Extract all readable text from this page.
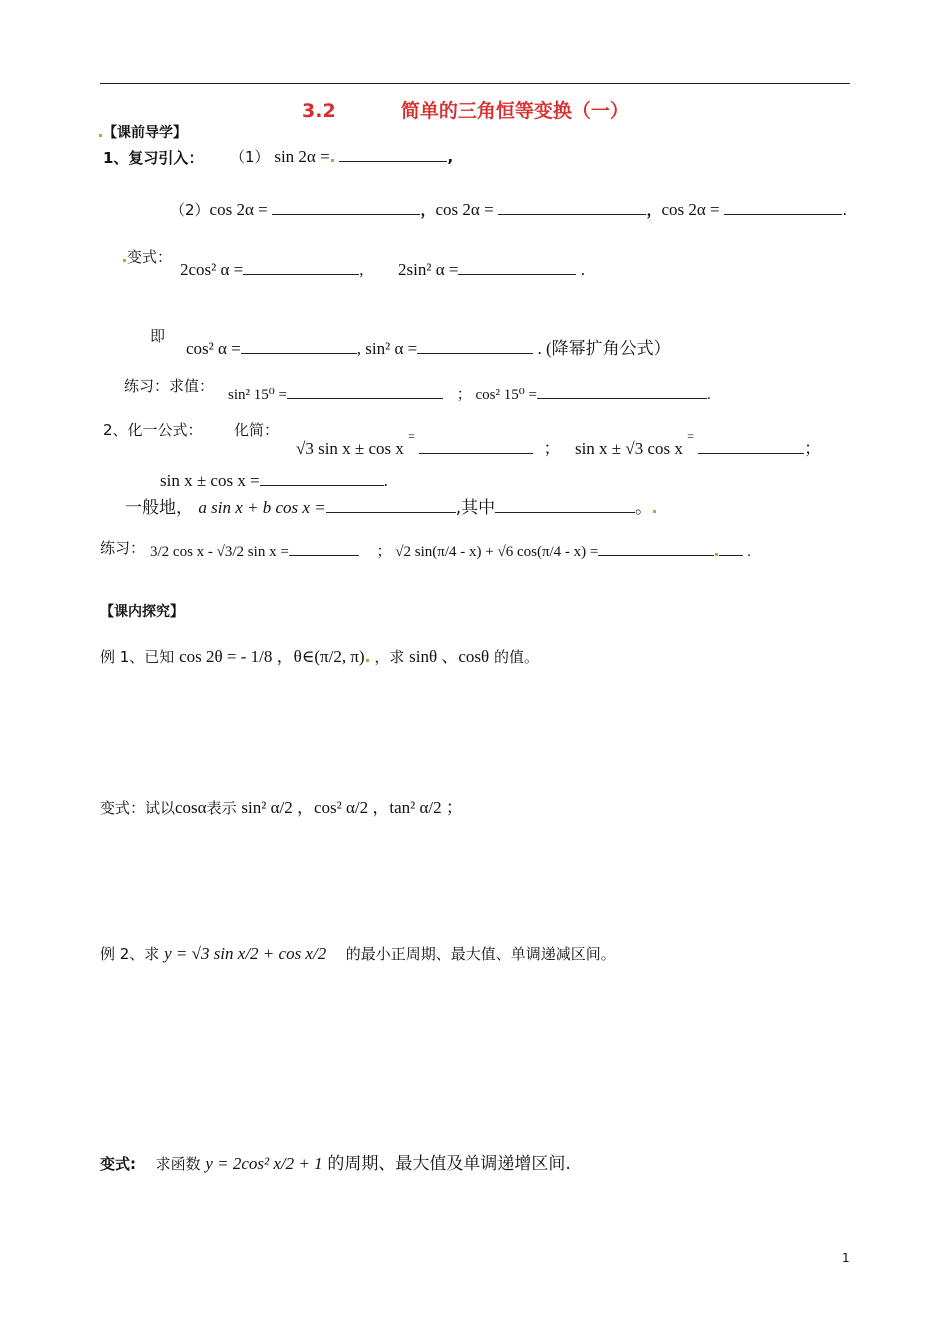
3.2	简单的三角恒等变换（一）
【课前导学】
1、复习引入： （1） sin 2α =	,
（2）cos 2α =	，cos 2α =	，cos 2α =	.
变式：
2cos² α =	,  2sin² α =	.
即
cos² α =	, sin² α =	. (降幂扩角公式）
练习：求值： sin² 15⁰ =	； cos² 15⁰ =	.
2、化一公式： 化简：
√3 sin x ± cos x =  ；  sin x ± √3 cos x = ；
sin x ± cos x =	.
一般地， a sin x + b cos x =	,其中	。
练习： 3/2 cos x - √3/2 sin x =	； √2 sin(π/4 - x) + √6 cos(π/4 - x) =	.
【课内探究】
例 1、已知 cos 2θ = - 1/8 ，θ∈(π/2, π) ，求 sinθ 、cosθ 的值。
变式：试以cosα表示 sin² α/2 ，cos² α/2 ，tan² α/2 ；
例 2、求 y = √3 sin x/2 + cos x/2 的最小正周期、最大值、单调递减区间。
变式: 求函数 y = 2cos² x/2 + 1 的周期、最大值及单调递增区间.
1
